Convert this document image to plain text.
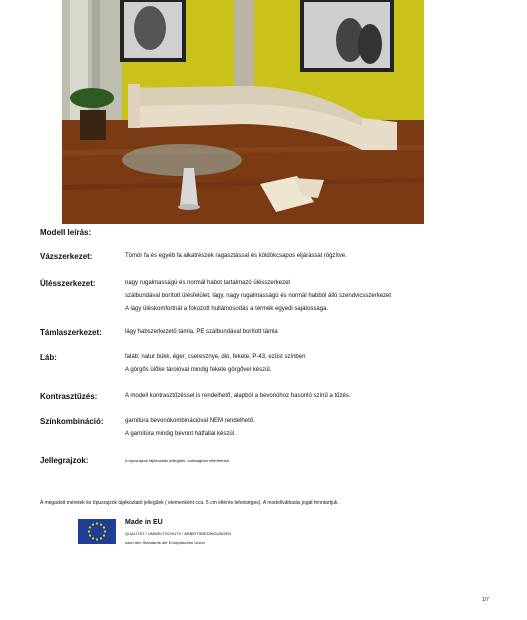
Modell leírás:
Vázszerkezet:	Tömör fa és egyéb fa alkatrészek ragasztással és köldökcsapos eljárással rögzítve.
Ülésszerkezet:	nagy rugalmasságú és normál habot tartalmazó ülésszerkezet
szálbundával borított ülésfelület, lágy, nagy rugalmasságú és normál habból álló szendvicsszerkezet
A lágy üléskomfortnál a fokozott hullámosodás a termék egyedi sajátossága.
Támlaszerkezet:	lágy habszerkezetű támla, PE szálbundával borított támla
Láb:	faláb: natur bükk, éger, cseresznye, dió, fekete, P-43, ezüst színben
A görgős ülőke tárolóval mindig fekete görgővel készül.
Kontrasztűzés:	A modell kontrasztűzéssel is rendelhető, alapból a bevonóhoz hasonló színű a tűzés.
Színkombináció:	garnitúra bevonókombinációval NEM rendelhető.
A garnitúra mindig bevont hátfallal készül.
Jellegrajzok:	A típusrajzok tájékoztató jellegűek, valóságban eltérhetnek.
A megadott méretek és típusrajzok tájékoztató jellegűek ( elemenként cca. 5 cm eltérés lehetséges). A modellváltozás jogát fenntartjuk.
Made in EU
QUALITÄT / UMWELTSCHUTZ / ARBEITSBEDINGUNGEN
nach den Standards der Europäischen Union
1/7
